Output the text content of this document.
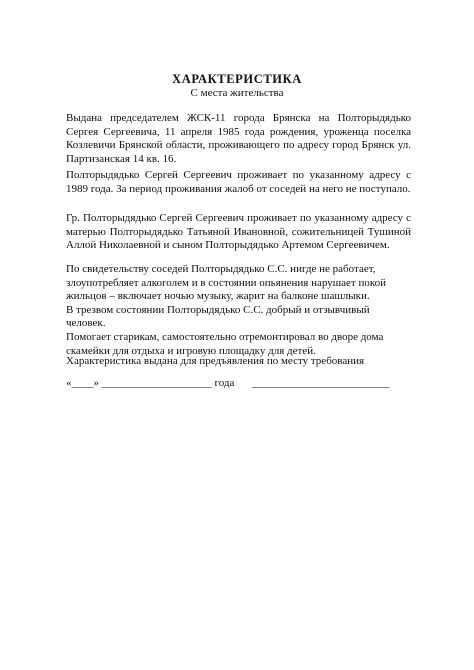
ХАРАКТЕРИСТИКА
С места жительства

Выдана председателем ЖСК-11 города Брянска на Полторыдядько Сергея Сергеевича, 11 апреля 1985 года рождения, уроженца поселка Козлевичи Брянской области, проживающего по адресу город Брянск ул. Партизанская 14 кв. 16.

Полторыдядько Сергей Сергеевич проживает по указанному адресу с 1989 года. За период проживания жалоб от соседей на него не поступало.

Гр. Полторыдядько Сергей Сергеевич проживает по указанному адресу с матерью Полторыдядько Татьяной Ивановной, сожительницей Тушиной Аллой Николаевной и сыном Полторыдядько Артемом Сергеевичем.

По свидетельству соседей Полторыдядько С.С. нигде не работает, злоупотребляет алкоголем и в состоянии опьянения нарушает покой жильцов – включает ночью музыку, жарит на балконе шашлыки.
В трезвом состоянии Полторыдядько С.С. добрый и отзывчивый человек.
Помогает старикам, самостоятельно отремонтировал во дворе дома скамейки для отдыха и игровую площадку для детей.

Характеристика выдана для предъявления по месту требования

«____» ____________________ года _________________________
